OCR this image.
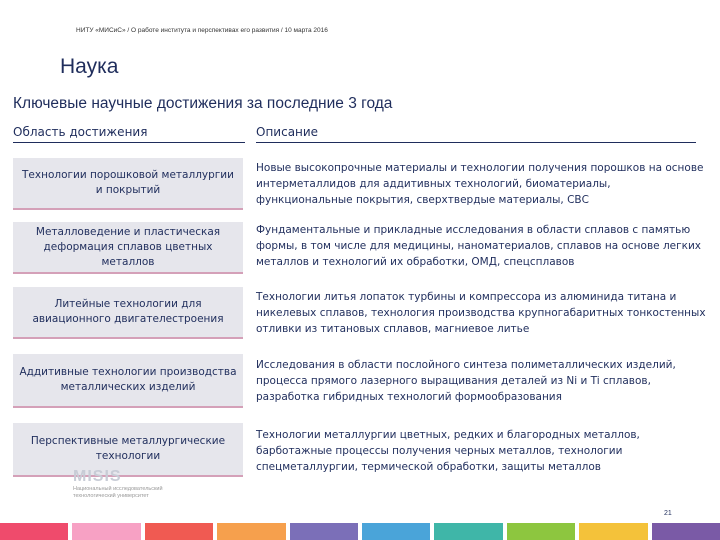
НИТУ «МИСиС» / О работе института и перспективах его развития / 10 марта 2016
Наука
Ключевые научные достижения за последние 3 года
Область достижения	Описание
Технологии порошковой металлургии и покрытий
Новые высокопрочные материалы и технологии получения порошков на основе интерметаллидов для аддитивных технологий, биоматериалы, функциональные покрытия, сверхтвердые материалы, СВС
Металловедение и пластическая деформация сплавов цветных металлов
Фундаментальные и прикладные исследования в области сплавов с памятью формы, в том числе для медицины, наноматериалов, сплавов на основе легких металлов и технологий их обработки, ОМД, спецсплавов
Литейные технологии для авиационного двигателестроения
Технологии литья лопаток турбины и компрессора из алюминида титана и никелевых сплавов, технология производства крупногабаритных тонкостенных отливки из титановых сплавов, магниевое литье
Аддитивные технологии производства металлических изделий
Исследования в области послойного синтеза полиметаллических изделий, процесса прямого лазерного выращивания деталей из Ni и Ti сплавов, разработка гибридных технологий формообразования
Перспективные металлургические технологии
Технологии металлургии цветных, редких и благородных металлов, барботажные процессы получения черных металлов, технологии спецметаллургии, термической обработки, защиты металлов
MISIS
Национальный исследовательский технологический университет
21
